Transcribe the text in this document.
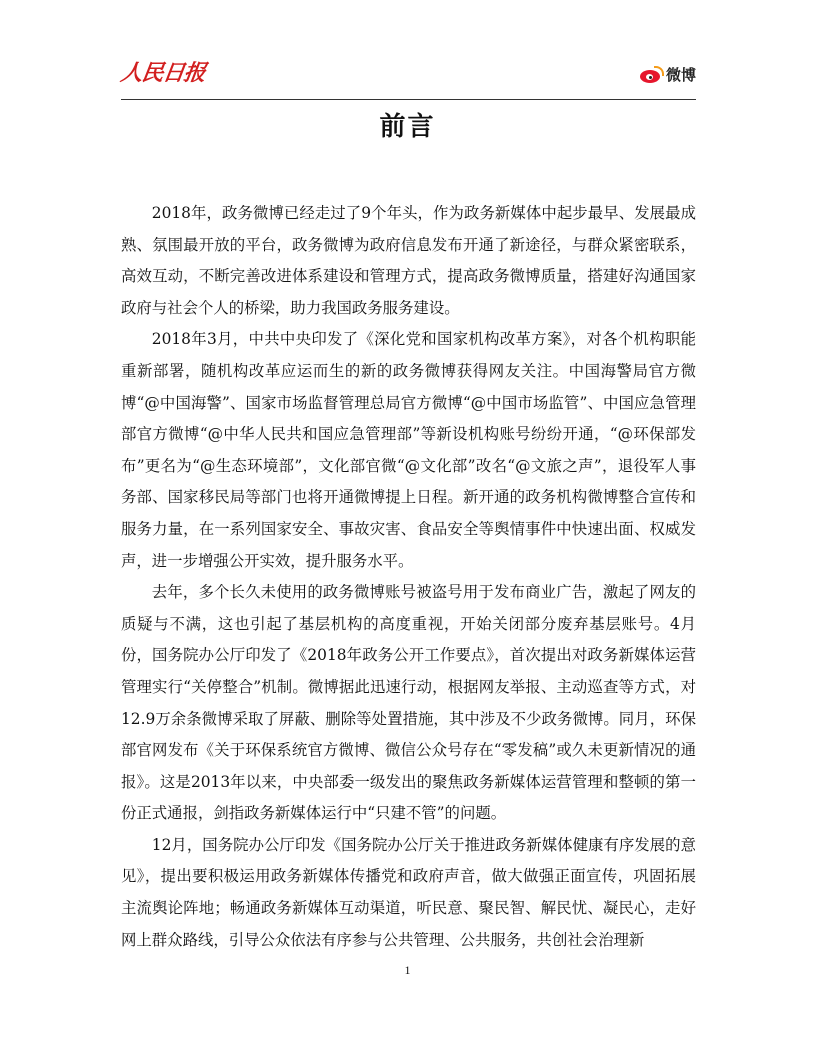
人民日报	微博
前言

2018年，政务微博已经走过了9个年头，作为政务新媒体中起步最早、发展最成熟、氛围最开放的平台，政务微博为政府信息发布开通了新途径，与群众紧密联系，高效互动，不断完善改进体系建设和管理方式，提高政务微博质量，搭建好沟通国家政府与社会个人的桥梁，助力我国政务服务建设。

2018年3月，中共中央印发了《深化党和国家机构改革方案》，对各个机构职能重新部署，随机构改革应运而生的新的政务微博获得网友关注。中国海警局官方微博“@中国海警”、国家市场监督管理总局官方微博“@中国市场监管”、中国应急管理部官方微博“@中华人民共和国应急管理部”等新设机构账号纷纷开通，“@环保部发布”更名为“@生态环境部”，文化部官微“@文化部”改名“@文旅之声”，退役军人事务部、国家移民局等部门也将开通微博提上日程。新开通的政务机构微博整合宣传和服务力量，在一系列国家安全、事故灾害、食品安全等舆情事件中快速出面、权威发声，进一步增强公开实效，提升服务水平。

去年，多个长久未使用的政务微博账号被盗号用于发布商业广告，激起了网友的质疑与不满，这也引起了基层机构的高度重视，开始关闭部分废弃基层账号。4月份，国务院办公厅印发了《2018年政务公开工作要点》，首次提出对政务新媒体运营管理实行“关停整合”机制。微博据此迅速行动，根据网友举报、主动巡查等方式，对12.9万余条微博采取了屏蔽、删除等处置措施，其中涉及不少政务微博。同月，环保部官网发布《关于环保系统官方微博、微信公众号存在“零发稿”或久未更新情况的通报》。这是2013年以来，中央部委一级发出的聚焦政务新媒体运营管理和整顿的第一份正式通报，剑指政务新媒体运行中“只建不管”的问题。

12月，国务院办公厅印发《国务院办公厅关于推进政务新媒体健康有序发展的意见》，提出要积极运用政务新媒体传播党和政府声音，做大做强正面宣传，巩固拓展主流舆论阵地；畅通政务新媒体互动渠道，听民意、聚民智、解民忧、凝民心，走好网上群众路线，引导公众依法有序参与公共管理、公共服务，共创社会治理新

1
